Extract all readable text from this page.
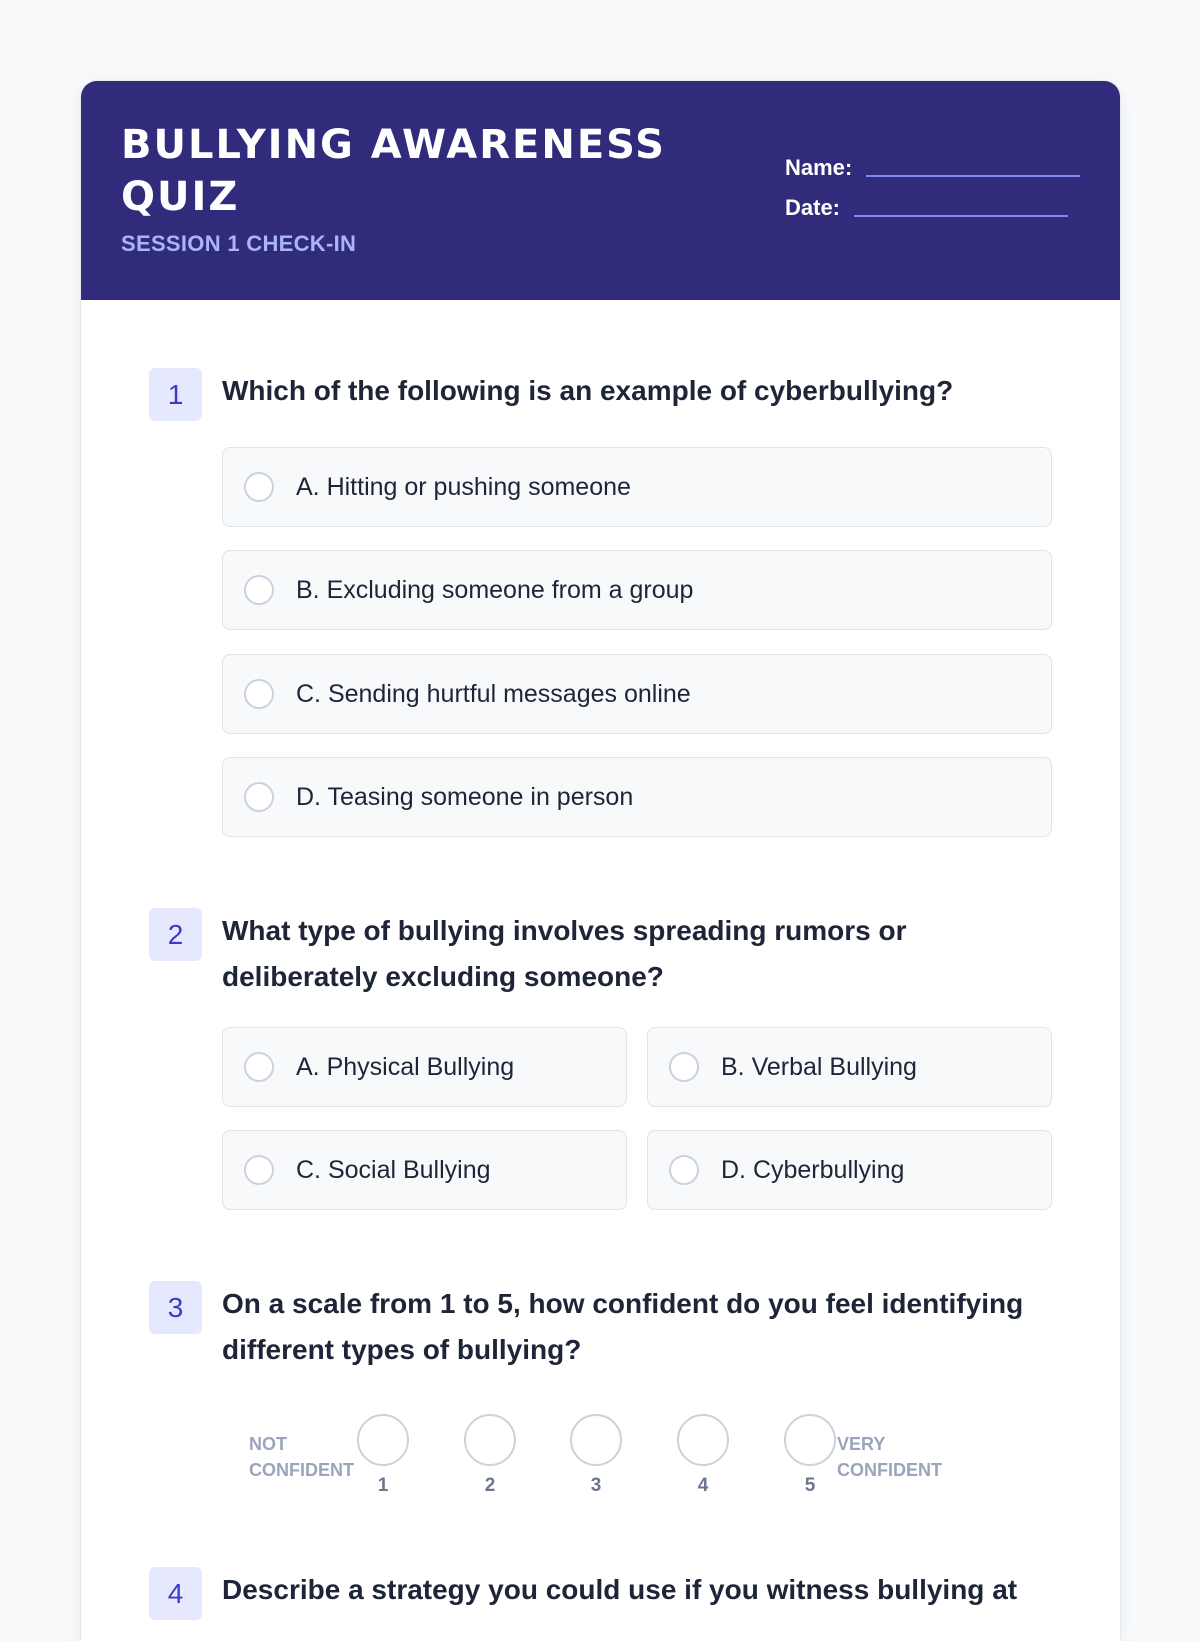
BULLYING AWARENESS QUIZ
SESSION 1 CHECK-IN
Name:
Date:
1	Which of the following is an example of cyberbullying?

A. Hitting or pushing someone
B. Excluding someone from a group
C. Sending hurtful messages online
D. Teasing someone in person
2	What type of bullying involves spreading rumors or deliberately excluding someone?

A. Physical Bullying	B. Verbal Bullying
C. Social Bullying	D. Cyberbullying
3	On a scale from 1 to 5, how confident do you feel identifying different types of bullying?

NOT CONFIDENT
1	2	3	4	5
VERY CONFIDENT
4	Describe a strategy you could use if you witness bullying at
